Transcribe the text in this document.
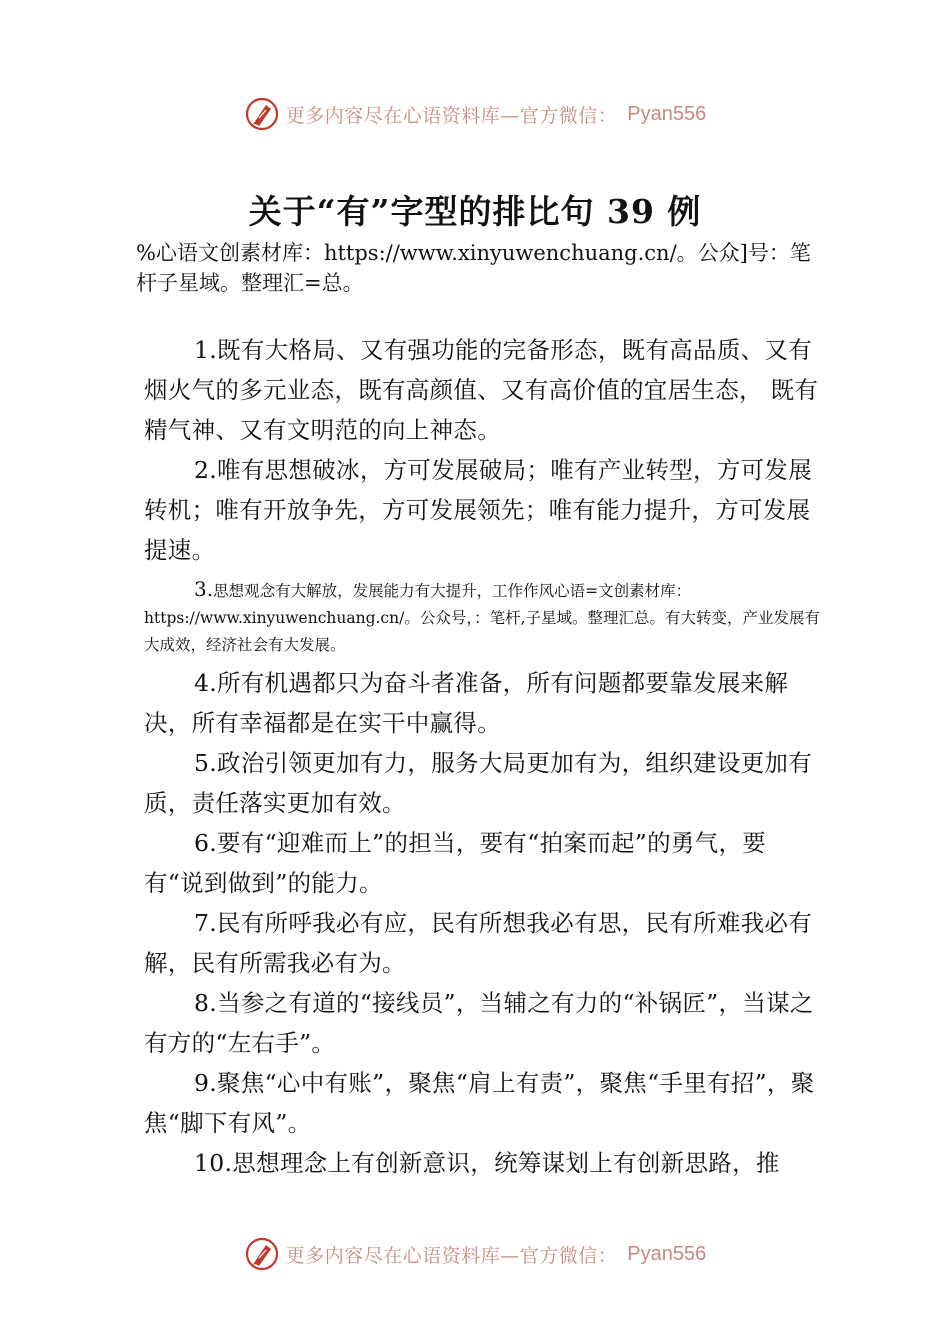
更多内容尽在心语资料库—官方微信： Pyan556
关于“有”字型的排比句 39 例
%心语文创素材库：https://www.xinyuwenchuang.cn/。公众]号：笔杆子星域。整理汇=总。

1.既有大格局、又有强功能的完备形态，既有高品质、又有烟火气的多元业态，既有高颜值、又有高价值的宜居生态， 既有精气神、又有文明范的向上神态。

2.唯有思想破冰，方可发展破局；唯有产业转型，方可发展转机；唯有开放争先，方可发展领先；唯有能力提升，方可发展提速。

3.思想观念有大解放，发展能力有大提升，工作作风心语=文创素材库：https://www.xinyuwenchuang.cn/。公众号，：笔杆,子星域。整理汇总。有大转变，产业发展有大成效，经济社会有大发展。

4.所有机遇都只为奋斗者准备，所有问题都要靠发展来解决，所有幸福都是在实干中赢得。

5.政治引领更加有力，服务大局更加有为，组织建设更加有质，责任落实更加有效。

6.要有“迎难而上”的担当，要有“拍案而起”的勇气，要有“说到做到”的能力。

7.民有所呼我必有应，民有所想我必有思，民有所难我必有解，民有所需我必有为。

8.当参之有道的“接线员”，当辅之有力的“补锅匠”，当谋之有方的“左右手”。

9.聚焦“心中有账”，聚焦“肩上有责”，聚焦“手里有招”，聚焦“脚下有风”。

10.思想理念上有创新意识，统筹谋划上有创新思路，推

更多内容尽在心语资料库—官方微信： Pyan556
